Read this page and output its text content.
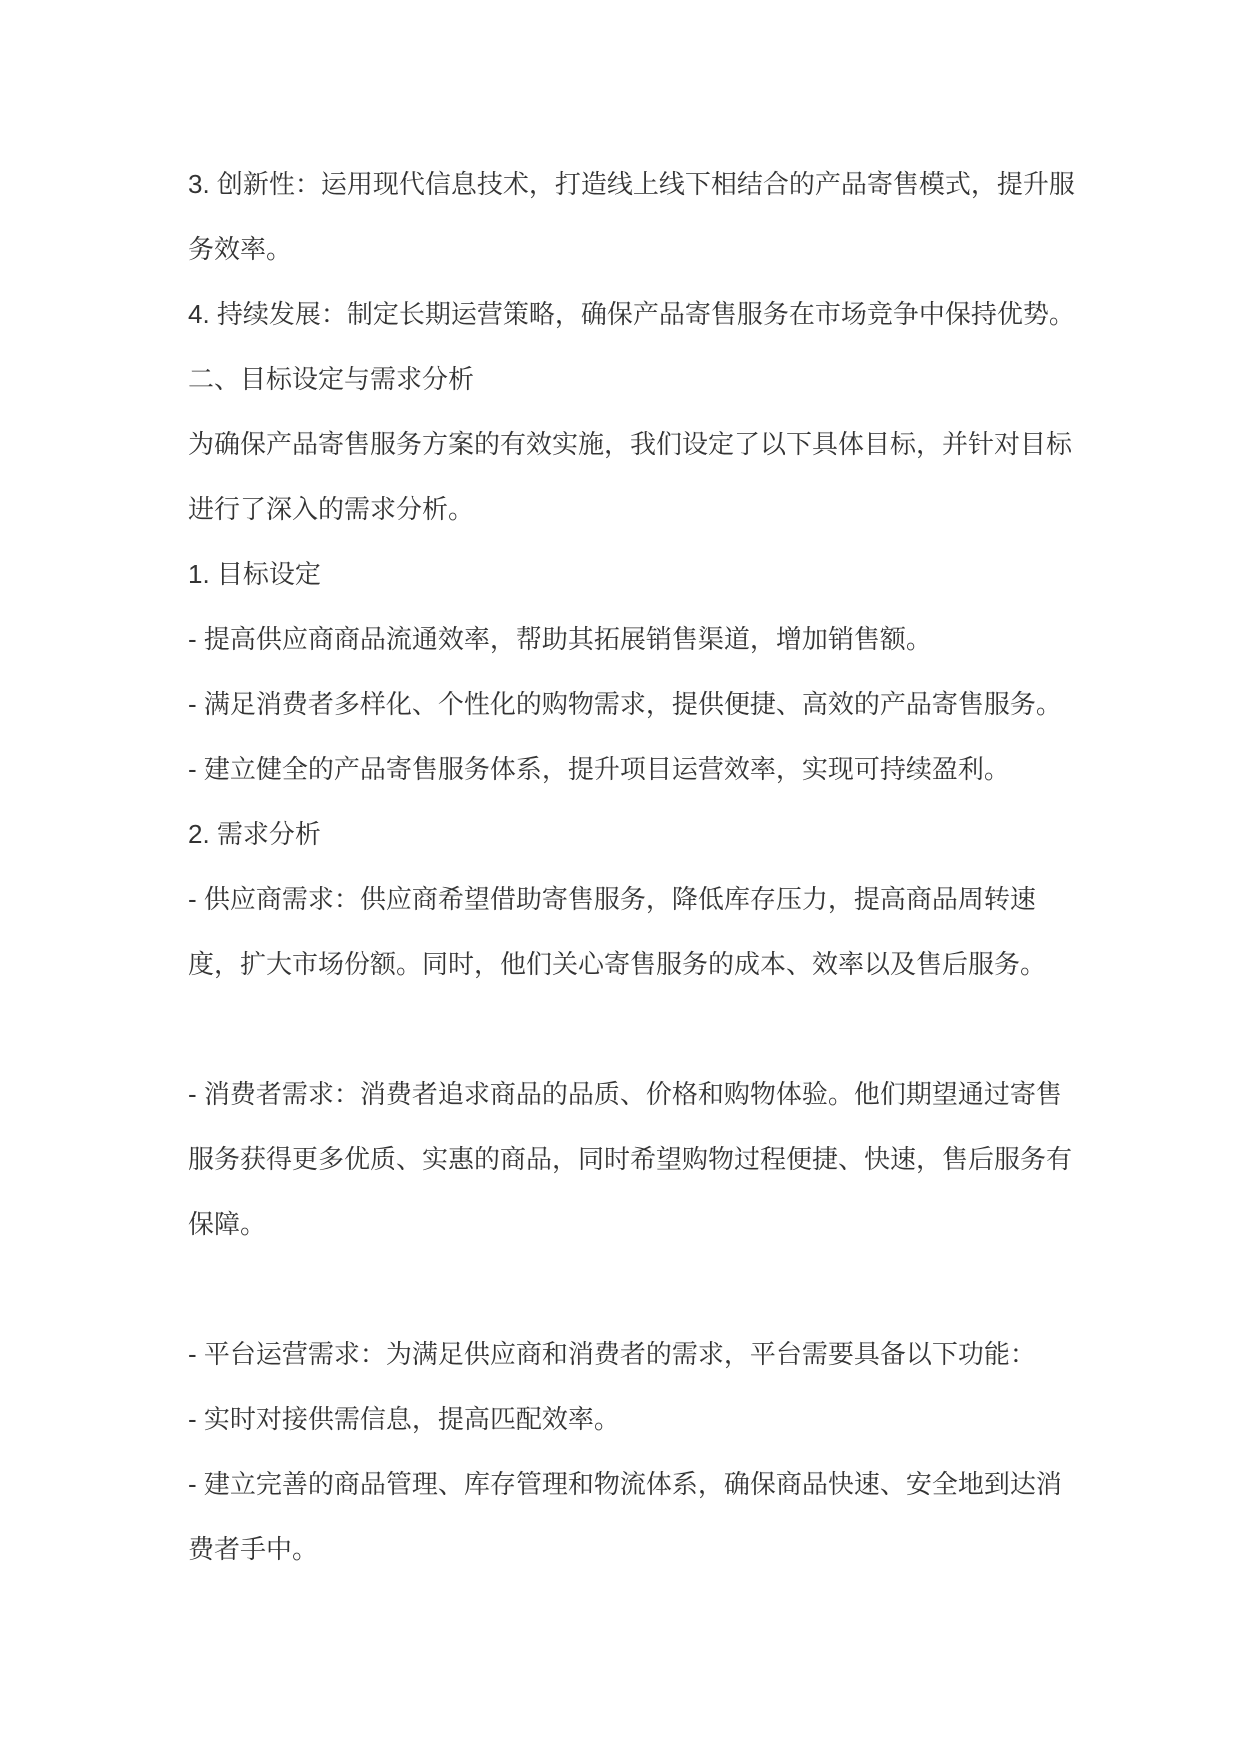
3. 创新性：运用现代信息技术，打造线上线下相结合的产品寄售模式，提升服
务效率。
4. 持续发展：制定长期运营策略，确保产品寄售服务在市场竞争中保持优势。
二、目标设定与需求分析
为确保产品寄售服务方案的有效实施，我们设定了以下具体目标，并针对目标
进行了深入的需求分析。
1. 目标设定
- 提高供应商商品流通效率，帮助其拓展销售渠道，增加销售额。
- 满足消费者多样化、个性化的购物需求，提供便捷、高效的产品寄售服务。
- 建立健全的产品寄售服务体系，提升项目运营效率，实现可持续盈利。
2. 需求分析
- 供应商需求：供应商希望借助寄售服务，降低库存压力，提高商品周转速
度，扩大市场份额。同时，他们关心寄售服务的成本、效率以及售后服务。
- 消费者需求：消费者追求商品的品质、价格和购物体验。他们期望通过寄售
服务获得更多优质、实惠的商品，同时希望购物过程便捷、快速，售后服务有
保障。
- 平台运营需求：为满足供应商和消费者的需求，平台需要具备以下功能：
- 实时对接供需信息，提高匹配效率。
- 建立完善的商品管理、库存管理和物流体系，确保商品快速、安全地到达消
费者手中。
